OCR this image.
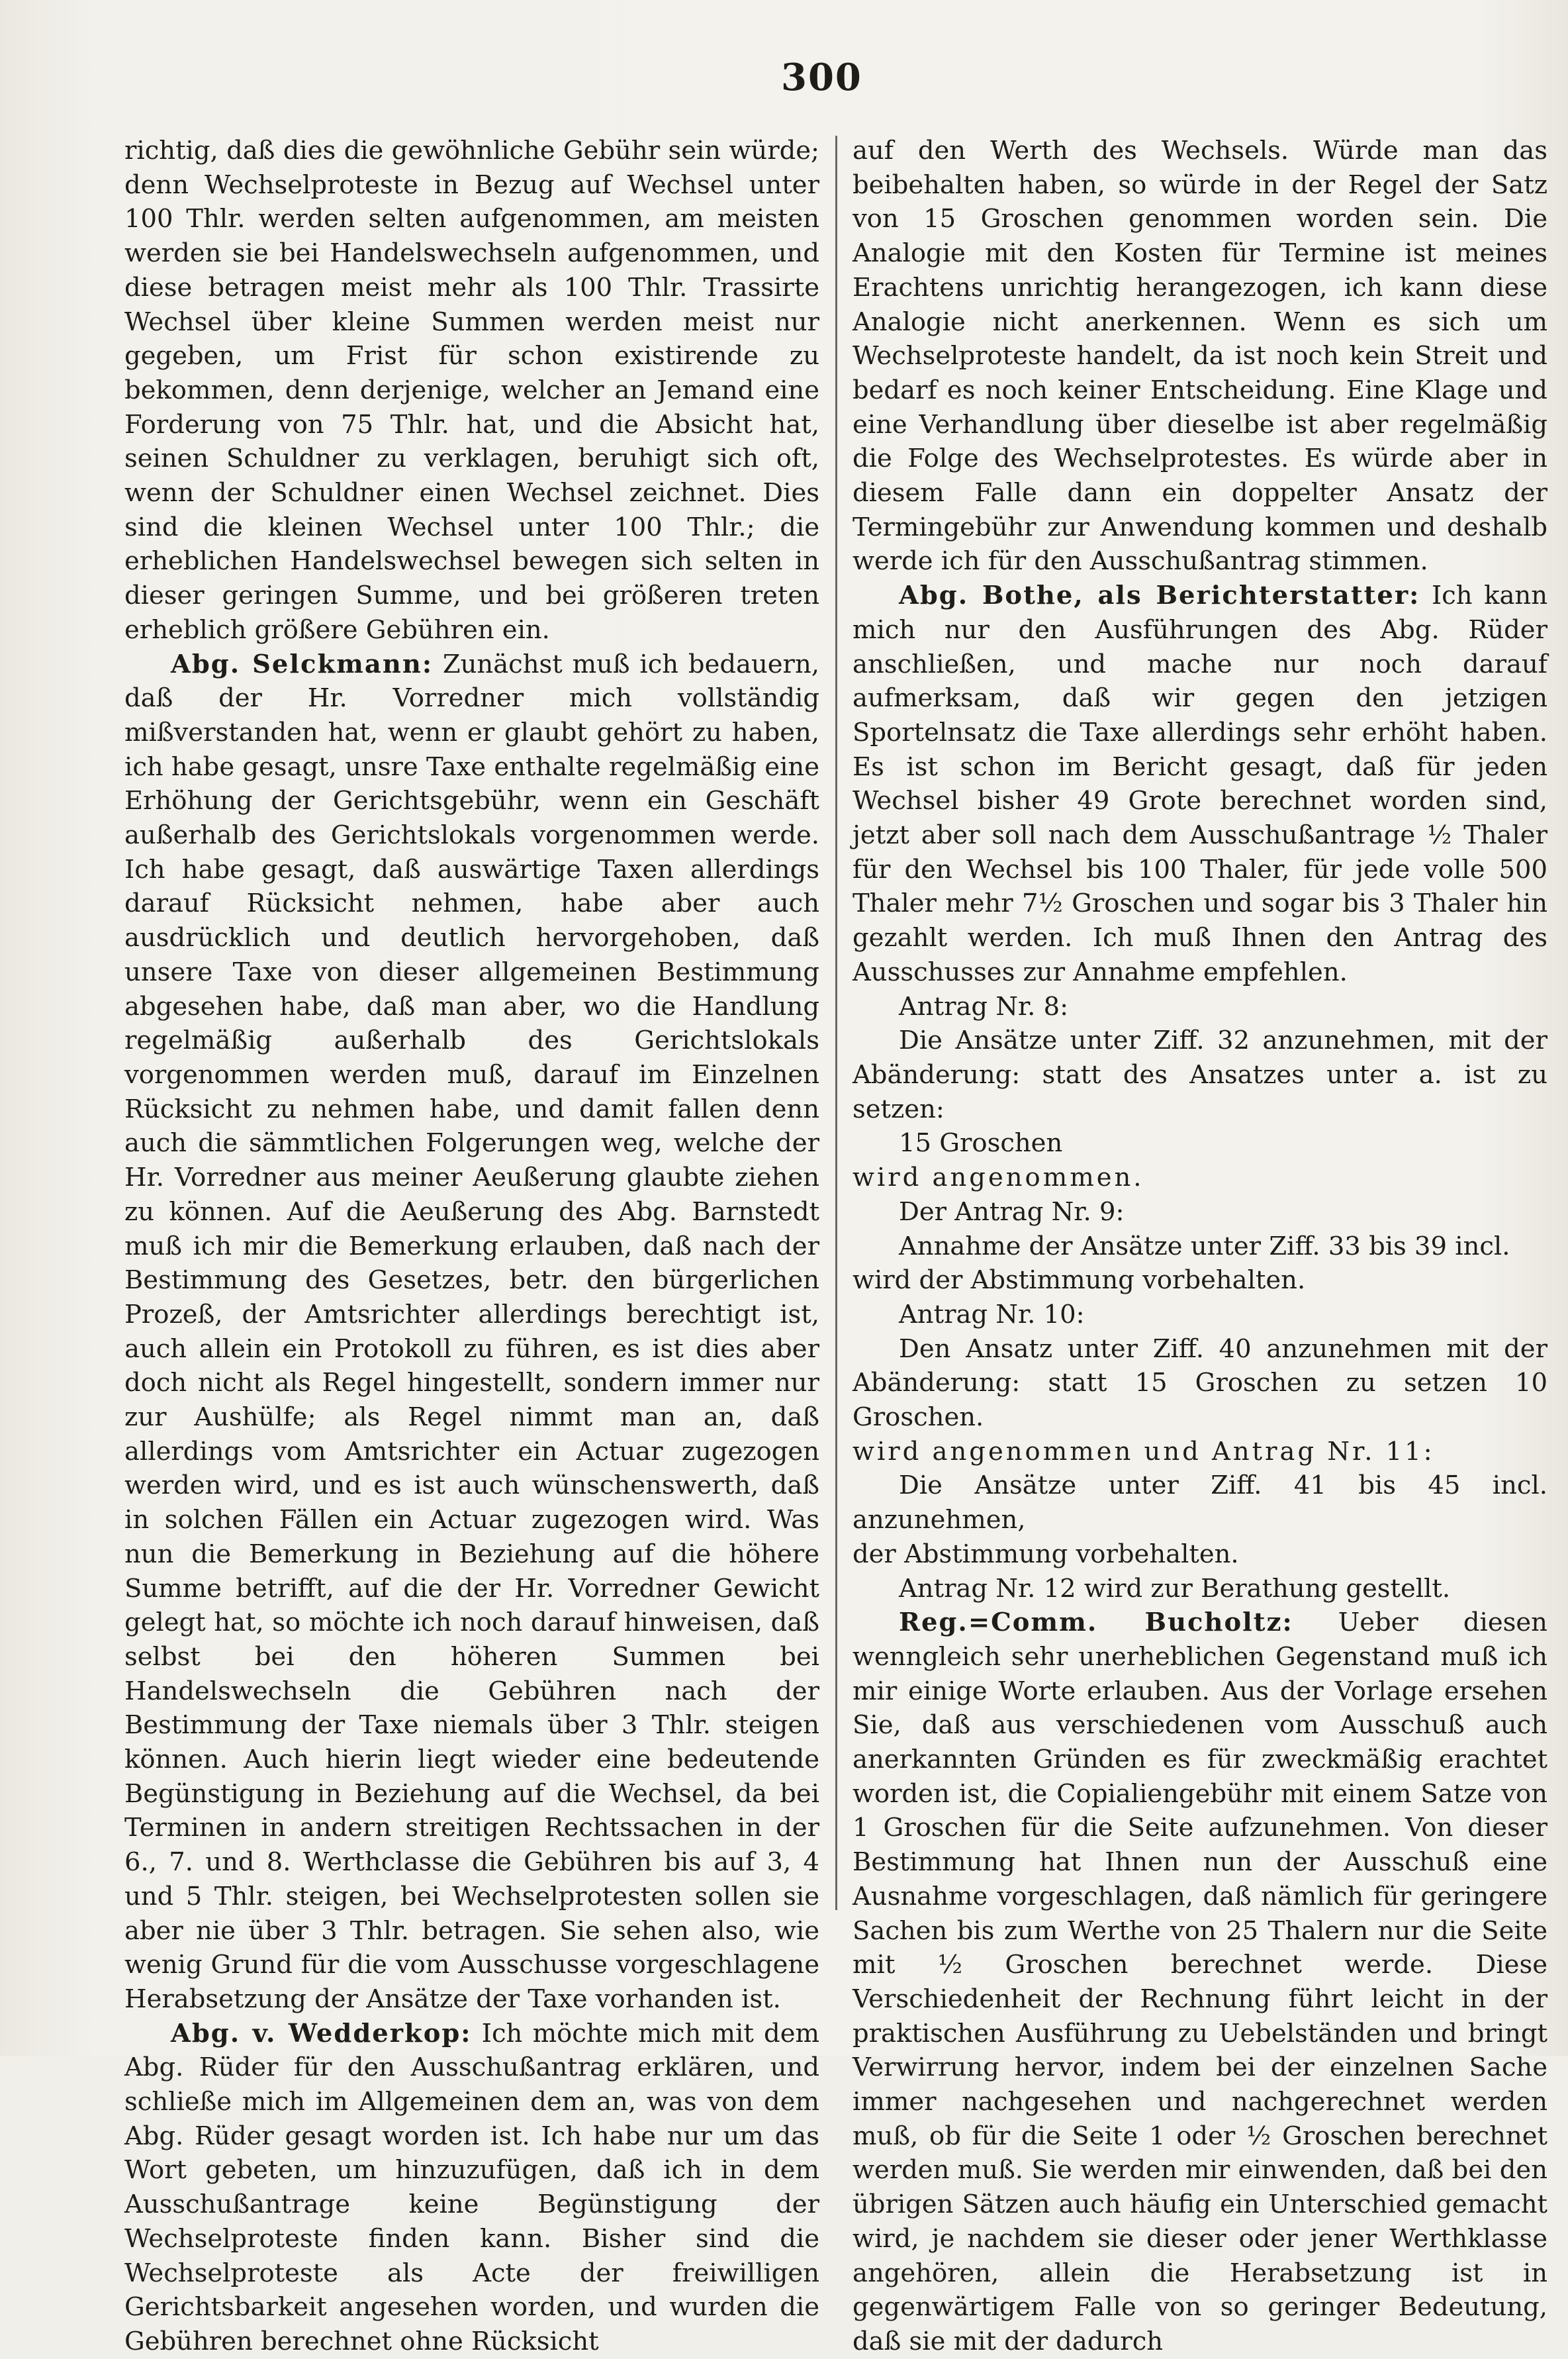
300

richtig, daß dies die gewöhnliche Gebühr sein würde; denn Wechselproteste in Bezug auf Wechsel unter 100 Thlr. werden selten aufgenommen, am meisten werden sie bei Handelswechseln aufgenommen, und diese betragen meist mehr als 100 Thlr. Trassirte Wechsel über kleine Summen werden meist nur gegeben, um Frist für schon existirende zu bekommen, denn derjenige, welcher an Jemand eine Forderung von 75 Thlr. hat, und die Absicht hat, seinen Schuldner zu verklagen, beruhigt sich oft, wenn der Schuldner einen Wechsel zeichnet. Dies sind die kleinen Wechsel unter 100 Thlr.; die erheblichen Handelswechsel bewegen sich selten in dieser geringen Summe, und bei größeren treten erheblich größere Gebühren ein.

Abg. Selckmann: Zunächst muß ich bedauern, daß der Hr. Vorredner mich vollständig mißverstanden hat, wenn er glaubt gehört zu haben, ich habe gesagt, unsre Taxe enthalte regelmäßig eine Erhöhung der Gerichtsgebühr, wenn ein Geschäft außerhalb des Gerichtslokals vorgenommen werde. Ich habe gesagt, daß auswärtige Taxen allerdings darauf Rücksicht nehmen, habe aber auch ausdrücklich und deutlich hervorgehoben, daß unsere Taxe von dieser allgemeinen Bestimmung abgesehen habe, daß man aber, wo die Handlung regelmäßig außerhalb des Gerichtslokals vorgenommen werden muß, darauf im Einzelnen Rücksicht zu nehmen habe, und damit fallen denn auch die sämmtlichen Folgerungen weg, welche der Hr. Vorredner aus meiner Aeußerung glaubte ziehen zu können. Auf die Aeußerung des Abg. Barnstedt muß ich mir die Bemerkung erlauben, daß nach der Bestimmung des Gesetzes, betr. den bürgerlichen Prozeß, der Amtsrichter allerdings berechtigt ist, auch allein ein Protokoll zu führen, es ist dies aber doch nicht als Regel hingestellt, sondern immer nur zur Aushülfe; als Regel nimmt man an, daß allerdings vom Amtsrichter ein Actuar zugezogen werden wird, und es ist auch wünschenswerth, daß in solchen Fällen ein Actuar zugezogen wird. Was nun die Bemerkung in Beziehung auf die höhere Summe betrifft, auf die der Hr. Vorredner Gewicht gelegt hat, so möchte ich noch darauf hinweisen, daß selbst bei den höheren Summen bei Handelswechseln die Gebühren nach der Bestimmung der Taxe niemals über 3 Thlr. steigen können. Auch hierin liegt wieder eine bedeutende Begünstigung in Beziehung auf die Wechsel, da bei Terminen in andern streitigen Rechtssachen in der 6., 7. und 8. Werthclasse die Gebühren bis auf 3, 4 und 5 Thlr. steigen, bei Wechselprotesten sollen sie aber nie über 3 Thlr. betragen. Sie sehen also, wie wenig Grund für die vom Ausschusse vorgeschlagene Herabsetzung der Ansätze der Taxe vorhanden ist.

Abg. v. Wedderkop: Ich möchte mich mit dem Abg. Rüder für den Ausschußantrag erklären, und schließe mich im Allgemeinen dem an, was von dem Abg. Rüder gesagt worden ist. Ich habe nur um das Wort gebeten, um hinzuzufügen, daß ich in dem Ausschußantrage keine Begünstigung der Wechselproteste finden kann. Bisher sind die Wechselproteste als Acte der freiwilligen Gerichtsbarkeit angesehen worden, und wurden die Gebühren berechnet ohne Rücksicht

auf den Werth des Wechsels. Würde man das beibehalten haben, so würde in der Regel der Satz von 15 Groschen genommen worden sein. Die Analogie mit den Kosten für Termine ist meines Erachtens unrichtig herangezogen, ich kann diese Analogie nicht anerkennen. Wenn es sich um Wechselproteste handelt, da ist noch kein Streit und bedarf es noch keiner Entscheidung. Eine Klage und eine Verhandlung über dieselbe ist aber regelmäßig die Folge des Wechselprotestes. Es würde aber in diesem Falle dann ein doppelter Ansatz der Termingebühr zur Anwendung kommen und deshalb werde ich für den Ausschußantrag stimmen.

Abg. Bothe, als Berichterstatter: Ich kann mich nur den Ausführungen des Abg. Rüder anschließen, und mache nur noch darauf aufmerksam, daß wir gegen den jetzigen Sportelnsatz die Taxe allerdings sehr erhöht haben. Es ist schon im Bericht gesagt, daß für jeden Wechsel bisher 49 Grote berechnet worden sind, jetzt aber soll nach dem Ausschußantrage ½ Thaler für den Wechsel bis 100 Thaler, für jede volle 500 Thaler mehr 7½ Groschen und sogar bis 3 Thaler hin gezahlt werden. Ich muß Ihnen den Antrag des Ausschusses zur Annahme empfehlen.

Antrag Nr. 8:

Die Ansätze unter Ziff. 32 anzunehmen, mit der Abänderung: statt des Ansatzes unter a. ist zu setzen:

15 Groschen

wird angenommen.

Der Antrag Nr. 9:

Annahme der Ansätze unter Ziff. 33 bis 39 incl.

wird der Abstimmung vorbehalten.

Antrag Nr. 10:

Den Ansatz unter Ziff. 40 anzunehmen mit der Abänderung: statt 15 Groschen zu setzen 10 Groschen.

wird angenommen und Antrag Nr. 11:

Die Ansätze unter Ziff. 41 bis 45 incl. anzunehmen,

der Abstimmung vorbehalten.

Antrag Nr. 12 wird zur Berathung gestellt.

Reg.=Comm. Bucholtz: Ueber diesen wenngleich sehr unerheblichen Gegenstand muß ich mir einige Worte erlauben. Aus der Vorlage ersehen Sie, daß aus verschiedenen vom Ausschuß auch anerkannten Gründen es für zweckmäßig erachtet worden ist, die Copialiengebühr mit einem Satze von 1 Groschen für die Seite aufzunehmen. Von dieser Bestimmung hat Ihnen nun der Ausschuß eine Ausnahme vorgeschlagen, daß nämlich für geringere Sachen bis zum Werthe von 25 Thalern nur die Seite mit ½ Groschen berechnet werde. Diese Verschiedenheit der Rechnung führt leicht in der praktischen Ausführung zu Uebelständen und bringt Verwirrung hervor, indem bei der einzelnen Sache immer nachgesehen und nachgerechnet werden muß, ob für die Seite 1 oder ½ Groschen berechnet werden muß. Sie werden mir einwenden, daß bei den übrigen Sätzen auch häufig ein Unterschied gemacht wird, je nachdem sie dieser oder jener Werthklasse angehören, allein die Herabsetzung ist in gegenwärtigem Falle von so geringer Bedeutung, daß sie mit der dadurch
